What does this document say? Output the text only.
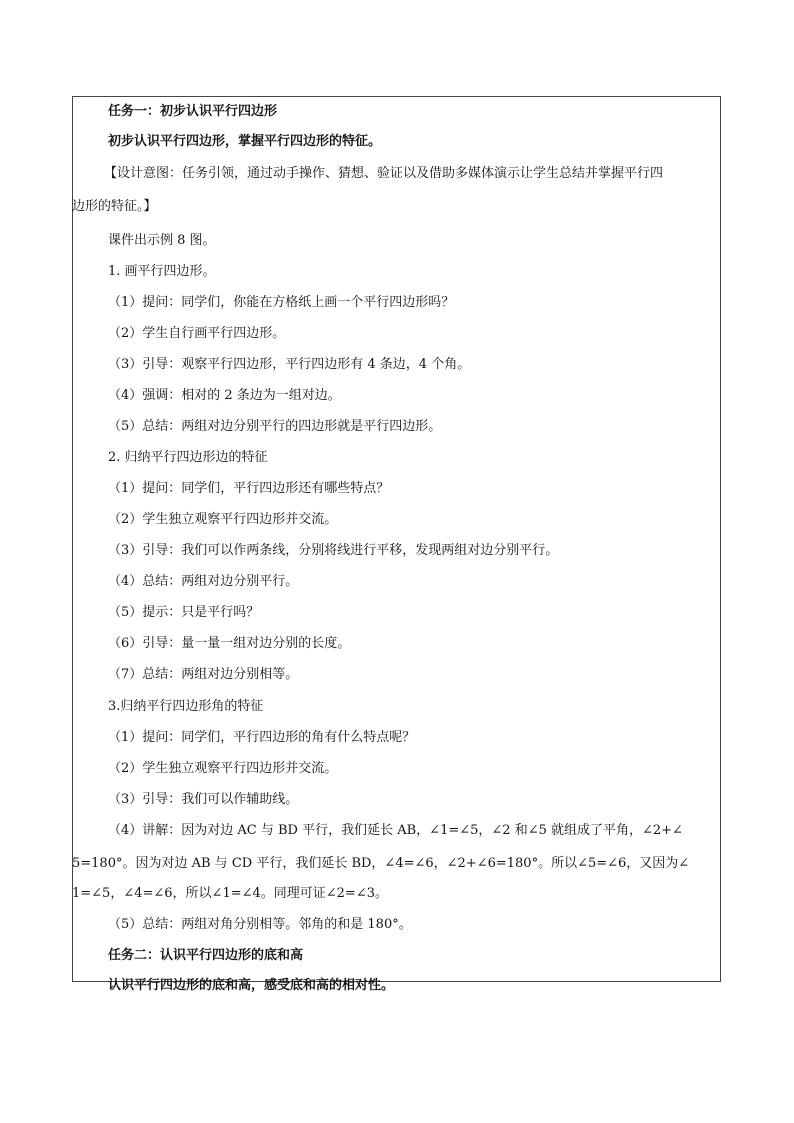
任务一：初步认识平行四边形
初步认识平行四边形，掌握平行四边形的特征。
【设计意图：任务引领，通过动手操作、猜想、验证以及借助多媒体演示让学生总结并掌握平行四
边形的特征。】
课件出示例 8 图。
1. 画平行四边形。
（1）提问：同学们，你能在方格纸上画一个平行四边形吗？
（2）学生自行画平行四边形。
（3）引导：观察平行四边形，平行四边形有 4 条边，4 个角。
（4）强调：相对的 2 条边为一组对边。
（5）总结：两组对边分别平行的四边形就是平行四边形。
2. 归纳平行四边形边的特征
（1）提问：同学们，平行四边形还有哪些特点？
（2）学生独立观察平行四边形并交流。
（3）引导：我们可以作两条线，分别将线进行平移，发现两组对边分别平行。
（4）总结：两组对边分别平行。
（5）提示：只是平行吗？
（6）引导：量一量一组对边分别的长度。
（7）总结：两组对边分别相等。
3.归纳平行四边形角的特征
（1）提问：同学们，平行四边形的角有什么特点呢？
（2）学生独立观察平行四边形并交流。
（3）引导：我们可以作辅助线。
（4）讲解：因为对边 AC 与 BD 平行，我们延长 AB，∠1=∠5，∠2 和∠5 就组成了平角，∠2+∠
5=180°。因为对边 AB 与 CD 平行，我们延长 BD，∠4=∠6，∠2+∠6=180°。所以∠5=∠6，又因为∠
1=∠5，∠4=∠6，所以∠1=∠4。同理可证∠2=∠3。
（5）总结：两组对角分别相等。邻角的和是 180°。
任务二：认识平行四边形的底和高
认识平行四边形的底和高，感受底和高的相对性。
